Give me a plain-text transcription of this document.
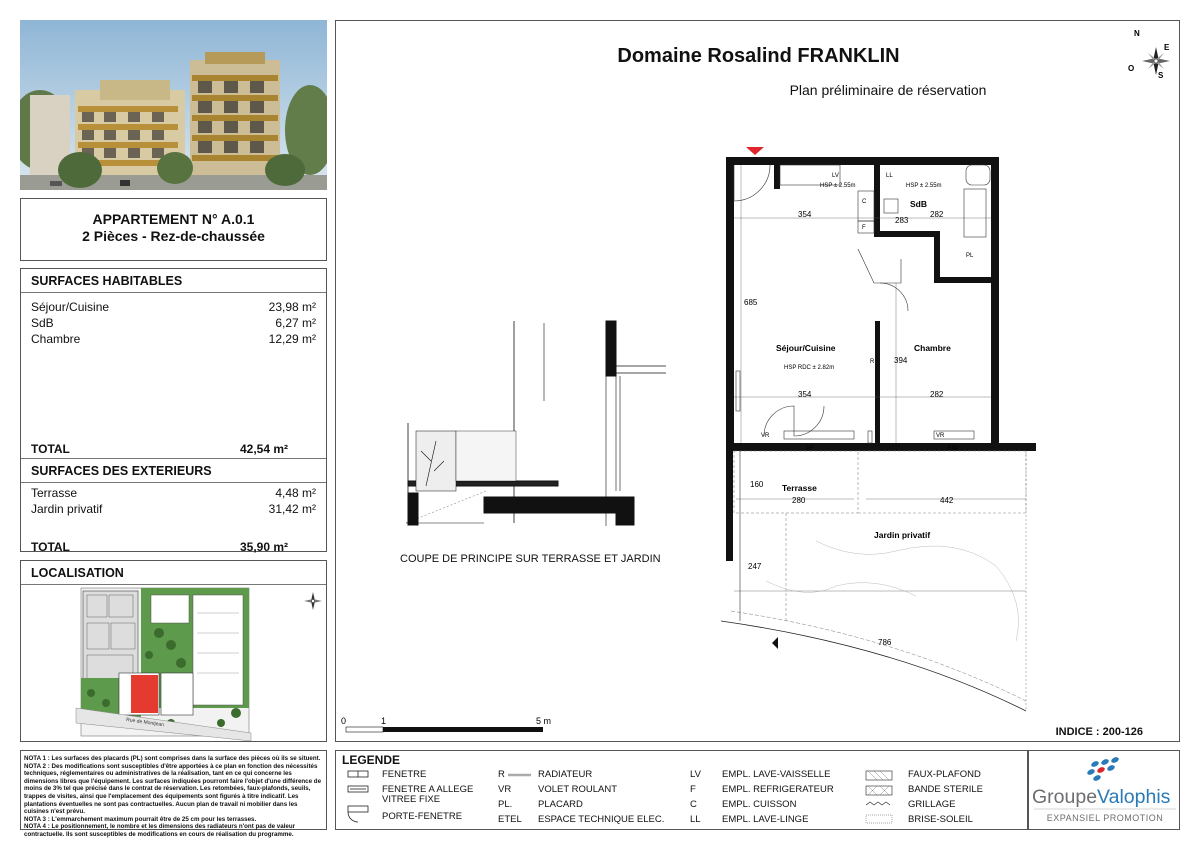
APPARTEMENT N° A.0.1
2 Pièces - Rez-de-chaussée
SURFACES HABITABLES
Séjour/Cuisine	23,98 m²
SdB	6,27 m²
Chambre	12,29 m²
TOTAL	42,54 m²
SURFACES DES EXTERIEURS
Terrasse	4,48 m²
Jardin privatif	31,42 m²
TOTAL	35,90 m²
LOCALISATION
Rue de Montjean
NOTA 1 : Les surfaces des placards (PL) sont comprises dans la surface des pièces où ils se situent.
NOTA 2 : Des modifications sont susceptibles d'être apportées à ce plan en fonction des nécessités techniques, réglementaires ou administratives de la réalisation, tant en ce qui concerne les dimensions libres que l'équipement. Les surfaces indiquées pourront faire l'objet d'une différence de moins de 3% tel que précisé dans le contrat de réservation. Les retombées, faux-plafonds, seuils, trappes de visites, ainsi que l'emplacement des équipements sont figurés à titre indicatif. Les plantations éventuelles ne sont pas contractuelles. Aucun plan de travail ni mobilier dans les cuisines n'est prévu.
NOTA 3 : L'emmarchement maximum pourrait être de 25 cm pour les terrasses.
NOTA 4 : Le positionnement, le nombre et les dimensions des radiateurs n'ont pas de valeur contractuelle. Ils sont susceptibles de modifications en cours de réalisation du programme.
Domaine Rosalind FRANKLIN
Plan préliminaire de réservation
COUPE DE PRINCIPE SUR TERRASSE ET JARDIN
INDICE : 200-126
N
E
S
O
Séjour/Cuisine	Chambre
SdB
Terrasse
Jardin privatif
HSP RDC ± 2.82m
LV
HSP ± 2.55m
LL
HSP ± 2.55m
C
F
PL
R
VR	VR
PF	FAV
354
283
282
685
394
354	282
160
280	442
247
786
0	1	5 m
LEGENDE
FENETRE
FENETRE A ALLEGE VITREE FIXE
PORTE-FENETRE
R	RADIATEUR
VR	VOLET ROULANT
PL.	PLACARD
ETEL ESPACE TECHNIQUE ELEC.
LV EMPL. LAVE-VAISSELLE
F	EMPL. REFRIGERATEUR
C	EMPL. CUISSON
LL EMPL. LAVE-LINGE
FAUX-PLAFOND
BANDE STERILE
GRILLAGE
BRISE-SOLEIL
GroupeValophis
EXPANSIEL PROMOTION
